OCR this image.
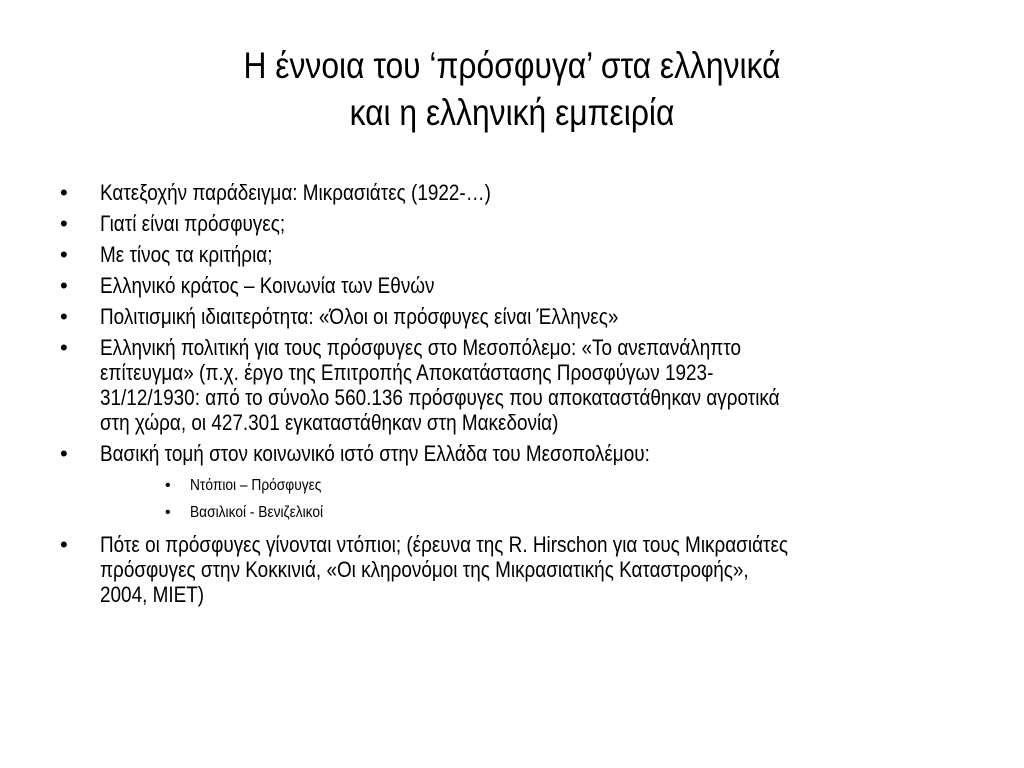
Η έννοια του ‘πρόσφυγα’ στα ελληνικά
και η ελληνική εμπειρία
• Κατεξοχήν παράδειγμα: Μικρασιάτες (1922-…)
• Γιατί είναι πρόσφυγες;
• Με τίνος τα κριτήρια;
• Ελληνικό κράτος – Κοινωνία των Εθνών
• Πολιτισμική ιδιαιτερότητα: «Όλοι οι πρόσφυγες είναι Έλληνες»
• Ελληνική πολιτική για τους πρόσφυγες στο Μεσοπόλεμο: «Το ανεπανάληπτο
επίτευγμα» (π.χ. έργο της Επιτροπής Αποκατάστασης Προσφύγων 1923-
31/12/1930: από το σύνολο 560.136 πρόσφυγες που αποκαταστάθηκαν αγροτικά
στη χώρα, οι 427.301 εγκαταστάθηκαν στη Μακεδονία)
• Βασική τομή στον κοινωνικό ιστό στην Ελλάδα του Μεσοπολέμου:
• Ντόπιοι – Πρόσφυγες
• Βασιλικοί - Βενιζελικοί
• Πότε οι πρόσφυγες γίνονται ντόπιοι; (έρευνα της R. Hirschon για τους Μικρασιάτες
πρόσφυγες στην Κοκκινιά, «Οι κληρονόμοι της Μικρασιατικής Καταστροφής»,
2004, ΜΙΕΤ)
